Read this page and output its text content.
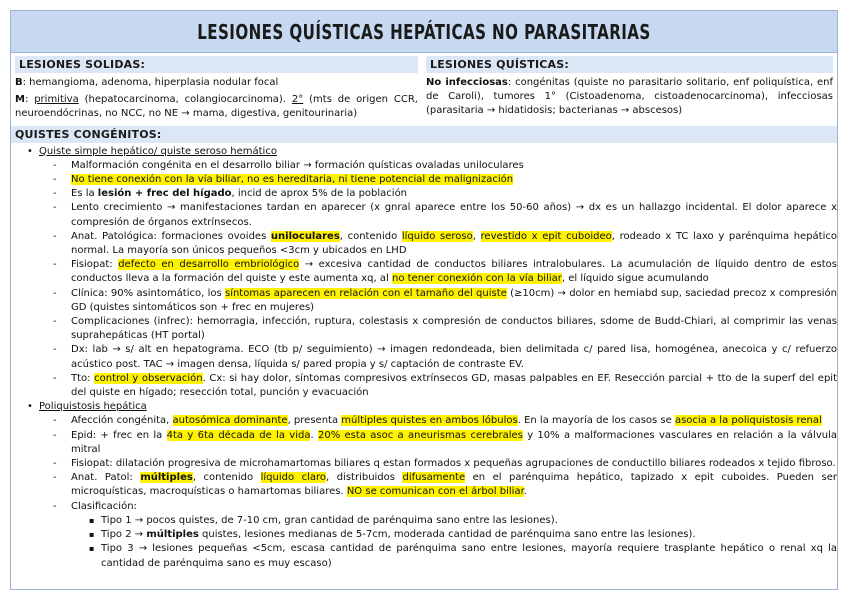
LESIONES QUÍSTICAS HEPÁTICAS NO PARASITARIAS
LESIONES SOLIDAS:
B: hemangioma, adenoma, hiperplasia nodular focal
M: primitiva (hepatocarcinoma, colangiocarcinoma). 2° (mts de origen CCR, neuroendócrinas, no NCC, no NE → mama, digestiva, genitourinaria)
LESIONES QUÍSTICAS:
No infecciosas: congénitas (quiste no parasitario solitario, enf poliquística, enf de Caroli), tumores 1° (Cistoadenoma, cistoadenocarcinoma), infecciosas (parasitaria → hidatidosis; bacterianas → abscesos)
QUISTES CONGÉNITOS:
• Quiste simple hepático/ quiste seroso hemático
- Malformación congénita en el desarrollo biliar → formación quísticas ovaladas uniloculares
- No tiene conexión con la vía biliar, no es hereditaria, ni tiene potencial de malignización
- Es la lesión + frec del hígado, incid de aprox 5% de la población
- Lento crecimiento → manifestaciones tardan en aparecer (x gnral aparece entre los 50-60 años) → dx es un hallazgo incidental. El dolor aparece x compresión de órganos extrínsecos.
- Anat. Patológica: formaciones ovoides uniloculares, contenido líquido seroso, revestido x epit cuboideo, rodeado x TC laxo y parénquima hepático normal. La mayoría son únicos pequeños <3cm y ubicados en LHD
- Fisiopat: defecto en desarrollo embriológico → excesiva cantidad de conductos biliares intralobulares. La acumulación de líquido dentro de estos conductos lleva a la formación del quiste y este aumenta xq, al no tener conexión con la vía biliar, el líquido sigue acumulando
- Clínica: 90% asintomático, los síntomas aparecen en relación con el tamaño del quiste (≥10cm) → dolor en hemiabd sup, saciedad precoz x compresión GD (quistes sintomáticos son + frec en mujeres)
- Complicaciones (infrec): hemorragia, infección, ruptura, colestasis x compresión de conductos biliares, sdome de Budd-Chiari, al comprimir las venas suprahepáticas (HT portal)
- Dx: lab → s/ alt en hepatograma. ECO (tb p/ seguimiento) → imagen redondeada, bien delimitada c/ pared lisa, homogénea, anecoica y c/ refuerzo acústico post. TAC → imagen densa, líquida s/ pared propia y s/ captación de contraste EV.
- Tto: control y observación. Cx: si hay dolor, síntomas compresivos extrínsecos GD, masas palpables en EF. Resección parcial + tto de la superf del epit del quiste en hígado; resección total, punción y evacuación
• Poliquistosis hepática
- Afección congénita, autosómica dominante, presenta múltiples quistes en ambos lóbulos. En la mayoría de los casos se asocia a la poliquistosis renal
- Epid: + frec en la 4ta y 6ta década de la vida. 20% esta asoc a aneurismas cerebrales y 10% a malformaciones vasculares en relación a la válvula mitral
- Fisiopat: dilatación progresiva de microhamartomas biliares q estan formados x pequeñas agrupaciones de conductillo biliares rodeados x tejido fibroso.
- Anat. Patol: múltiples, contenido líquido claro, distribuidos difusamente en el parénquima hepático, tapizado x epit cuboides. Pueden ser microquísticas, macroquísticas o hamartomas biliares. NO se comunican con el árbol biliar.
- Clasificación:
▪ Tipo 1 → pocos quistes, de 7-10 cm, gran cantidad de parénquima sano entre las lesiones).
▪ Tipo 2 → múltiples quistes, lesiones medianas de 5-7cm, moderada cantidad de parénquima sano entre las lesiones).
▪ Tipo 3 → lesiones pequeñas <5cm, escasa cantidad de parénquima sano entre lesiones, mayoría requiere trasplante hepático o renal xq la cantidad de parénquima sano es muy escaso)
